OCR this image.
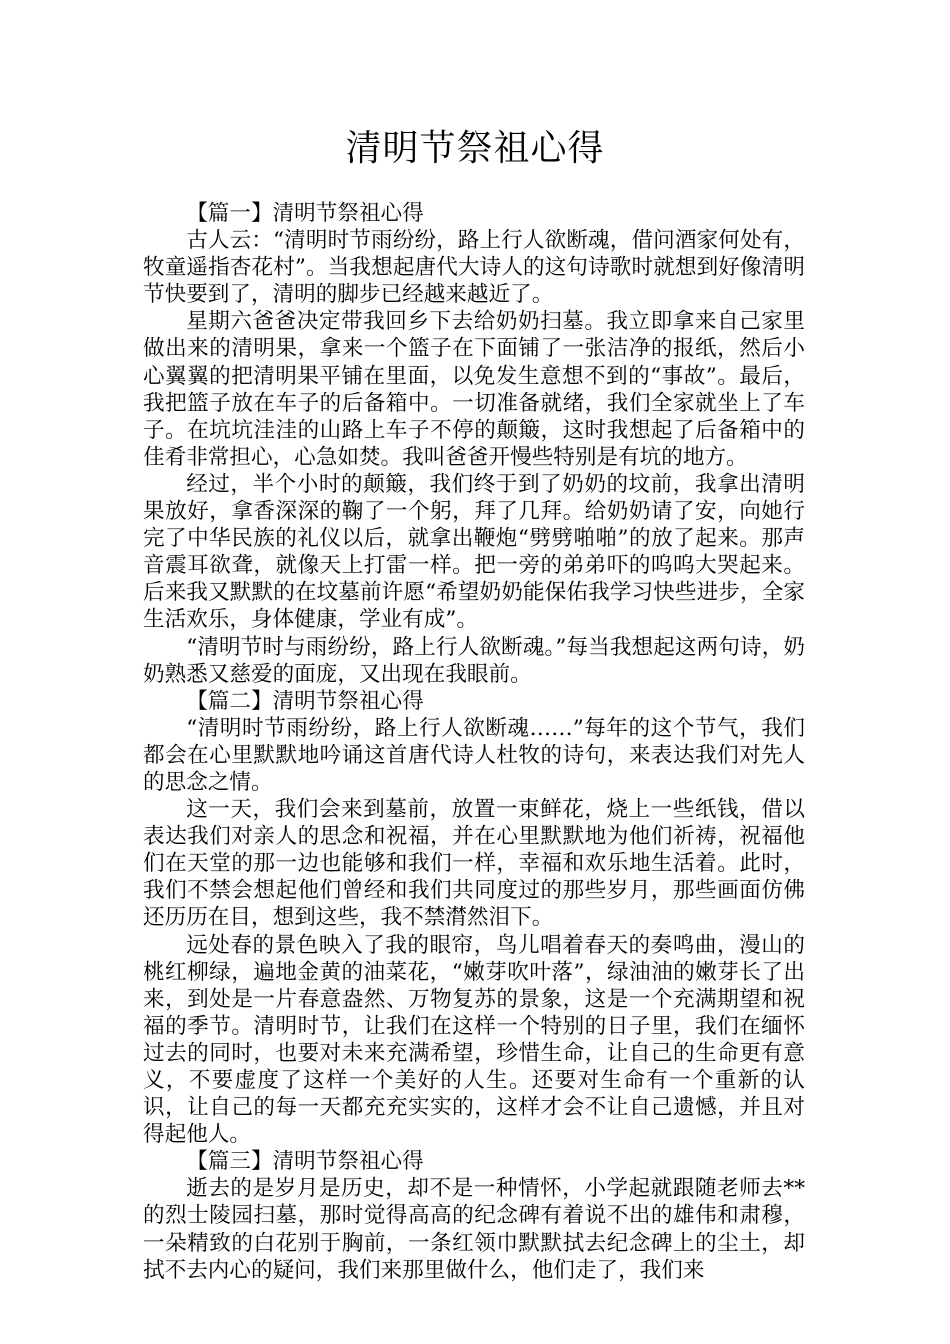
清明节祭祖心得

【篇一】清明节祭祖心得

古人云：“清明时节雨纷纷，路上行人欲断魂，借问酒家何处有，牧童遥指杏花村”。当我想起唐代大诗人的这句诗歌时就想到好像清明节快要到了，清明的脚步已经越来越近了。

星期六爸爸决定带我回乡下去给奶奶扫墓。我立即拿来自己家里做出来的清明果，拿来一个篮子在下面铺了一张洁净的报纸，然后小心翼翼的把清明果平铺在里面，以免发生意想不到的“事故”。最后，我把篮子放在车子的后备箱中。一切准备就绪，我们全家就坐上了车子。在坑坑洼洼的山路上车子不停的颠簸，这时我想起了后备箱中的佳肴非常担心，心急如焚。我叫爸爸开慢些特别是有坑的地方。

经过，半个小时的颠簸，我们终于到了奶奶的坟前，我拿出清明果放好，拿香深深的鞠了一个躬，拜了几拜。给奶奶请了安，向她行完了中华民族的礼仪以后，就拿出鞭炮“劈劈啪啪”的放了起来。那声音震耳欲聋，就像天上打雷一样。把一旁的弟弟吓的呜呜大哭起来。后来我又默默的在坟墓前许愿“希望奶奶能保佑我学习快些进步，全家生活欢乐，身体健康，学业有成”。

“清明节时与雨纷纷，路上行人欲断魂。”每当我想起这两句诗，奶奶熟悉又慈爱的面庞，又出现在我眼前。

【篇二】清明节祭祖心得

“清明时节雨纷纷，路上行人欲断魂……”每年的这个节气，我们都会在心里默默地吟诵这首唐代诗人杜牧的诗句，来表达我们对先人的思念之情。

这一天，我们会来到墓前，放置一束鲜花，烧上一些纸钱，借以表达我们对亲人的思念和祝福，并在心里默默地为他们祈祷，祝福他们在天堂的那一边也能够和我们一样，幸福和欢乐地生活着。此时，我们不禁会想起他们曾经和我们共同度过的那些岁月，那些画面仿佛还历历在目，想到这些，我不禁潸然泪下。

远处春的景色映入了我的眼帘，鸟儿唱着春天的奏鸣曲，漫山的桃红柳绿，遍地金黄的油菜花，“嫩芽吹叶落”，绿油油的嫩芽长了出来，到处是一片春意盎然、万物复苏的景象，这是一个充满期望和祝福的季节。清明时节，让我们在这样一个特别的日子里，我们在缅怀过去的同时，也要对未来充满希望，珍惜生命，让自己的生命更有意义，不要虚度了这样一个美好的人生。还要对生命有一个重新的认识，让自己的每一天都充充实实的，这样才会不让自己遗憾，并且对得起他人。

【篇三】清明节祭祖心得

逝去的是岁月是历史，却不是一种情怀，小学起就跟随老师去**的烈士陵园扫墓，那时觉得高高的纪念碑有着说不出的雄伟和肃穆，一朵精致的白花别于胸前，一条红领巾默默拭去纪念碑上的尘土，却拭不去内心的疑问，我们来那里做什么，他们走了，我们来
